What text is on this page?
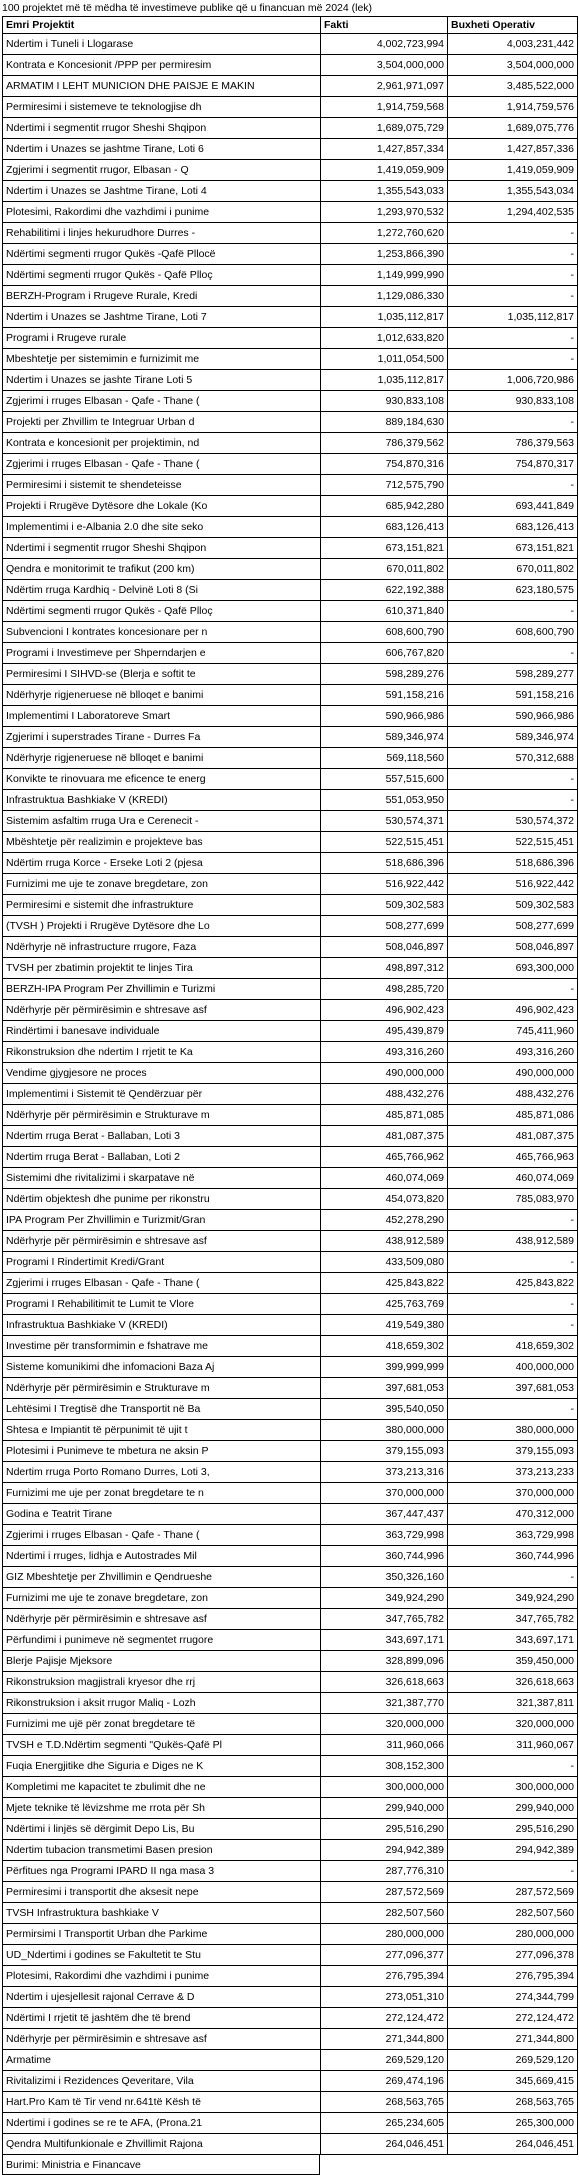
100 projektet më të mëdha të investimeve publike që u financuan më 2024 (lek)
Emri Projektit	Fakti	Buxheti Operativ
Ndertim i Tuneli i Llogarase	4,002,723,994	4,003,231,442
Kontrata e Koncesionit /PPP per permiresim	3,504,000,000	3,504,000,000
ARMATIM I LEHT MUNICION DHE PAISJE E MAKIN	2,961,971,097	3,485,522,000
Permiresimi i sistemeve te teknologjise dh	1,914,759,568	1,914,759,576
Ndertimi i segmentit rrugor Sheshi Shqipon	1,689,075,729	1,689,075,776
Ndertim i Unazes se jashtme Tirane, Loti 6	1,427,857,334	1,427,857,336
Zgjerimi i segmentit rrugor, Elbasan - Q	1,419,059,909	1,419,059,909
Ndertim i Unazes se Jashtme Tirane, Loti 4	1,355,543,033	1,355,543,034
Plotesimi, Rakordimi dhe vazhdimi i punime	1,293,970,532	1,294,402,535
Rehabilitimi i linjes hekurudhore Durres -	1,272,760,620	-
Ndërtimi segmenti rrugor Qukës -Qafë Pllocë	1,253,866,390	-
Ndërtimi segmenti rrugor Qukës - Qafë Plloç	1,149,999,990	-
BERZH-Program i Rrugeve Rurale, Kredi	1,129,086,330	-
Ndertim i Unazes se Jashtme Tirane, Loti 7	1,035,112,817	1,035,112,817
Programi i Rrugeve rurale	1,012,633,820	-
Mbeshtetje per sistemimin e furnizimit me	1,011,054,500	-
Ndertim i Unazes se jashte Tirane Loti 5	1,035,112,817	1,006,720,986
Zgjerimi i rruges Elbasan - Qafe - Thane (	930,833,108	930,833,108
Projekti per Zhvillim te Integruar Urban d	889,184,630	-
Kontrata e koncesionit per projektimin, nd	786,379,562	786,379,563
Zgjerimi i rruges Elbasan - Qafe - Thane (	754,870,316	754,870,317
Permiresimi i sistemit te shendeteisse	712,575,790	-
Projekti i Rrugëve Dytësore dhe Lokale (Ko	685,942,280	693,441,849
Implementimi i e-Albania 2.0 dhe site sekо	683,126,413	683,126,413
Ndertimi i segmentit rrugor Sheshi Shqipon	673,151,821	673,151,821
Qendra e monitorimit te trafikut (200 km)	670,011,802	670,011,802
Ndërtim rruga Kardhiq - Delvinë Loti 8 (Si	622,192,388	623,180,575
Ndërtimi segmenti rrugor Qukës - Qafë Plloç	610,371,840	-
Subvencioni I kontrates koncesionare per n	608,600,790	608,600,790
Programi i Investimeve per Shperndarjen e	606,767,820	-
Permiresimi I SIHVD-se (Blerja e softit te	598,289,276	598,289,277
Ndërhyrje rigjeneruese në blloqet e banimi	591,158,216	591,158,216
Implementimi I Laboratoreve Smart	590,966,986	590,966,986
Zgjerimi i superstrades Tirane - Durres Fa	589,346,974	589,346,974
Ndërhyrje rigjeneruese në blloqet e banimi	569,118,560	570,312,688
Konvikte te rinovuara me eficence te energ	557,515,600	-
Infrastruktua Bashkiake V (KREDI)	551,053,950	-
Sistemim asfaltim rruga Ura e Cerenecit -	530,574,371	530,574,372
Mbështetje për realizimin e projekteve bas	522,515,451	522,515,451
Ndërtim rruga Korce - Erseke Loti 2 (pjesa	518,686,396	518,686,396
Furnizimi me uje te zonave bregdetare, zon	516,922,442	516,922,442
Permiresimi e sistemit dhe infrastrukture	509,302,583	509,302,583
(TVSH ) Projekti i Rrugëve Dytësore dhe Lo	508,277,699	508,277,699
Ndërhyrje në infrastructure rrugore, Faza	508,046,897	508,046,897
TVSH per zbatimin projektit te linjes Tira	498,897,312	693,300,000
BERZH-IPA Program Per Zhvillimin e Turizmi	498,285,720	-
Ndërhyrje për përmirësimin e shtresave asf	496,902,423	496,902,423
Rindërtimi i banesave individuale	495,439,879	745,411,960
Rikonstruksion dhe ndertim I rrjetit te Ka	493,316,260	493,316,260
Vendime gjygjesore ne proces	490,000,000	490,000,000
Implementimi i Sistemit të Qendërzuar për	488,432,276	488,432,276
Ndërhyrje për përmirësimin e Strukturave m	485,871,085	485,871,086
Ndertim rruga Berat - Ballaban, Loti 3	481,087,375	481,087,375
Ndertim rruga Berat - Ballaban, Loti 2	465,766,962	465,766,963
Sistemimi dhe rivitalizimi i skarpatave në	460,074,069	460,074,069
Ndërtim objektesh dhe punime per rikonstru	454,073,820	785,083,970
IPA Program Per Zhvillimin e Turizmit/Gran	452,278,290	-
Ndërhyrje për përmirësimin e shtresave asf	438,912,589	438,912,589
Programi I Rindertimit Kredi/Grant	433,509,080	-
Zgjerimi i rruges Elbasan - Qafe - Thane (	425,843,822	425,843,822
Programi I Rehabilitimit te Lumit te Vlore	425,763,769	-
Infrastruktua Bashkiake V (KREDI)	419,549,380	-
Investime për transformimin e fshatrave me	418,659,302	418,659,302
Sisteme komunikimi dhe infomacioni Baza Aj	399,999,999	400,000,000
Ndërhyrje për përmirësimin e Strukturave m	397,681,053	397,681,053
Lehtësimi I Tregtisë dhe Transportit në Ba	395,540,050	-
Shtesa e Impiantit të përpunimit të ujit t	380,000,000	380,000,000
Plotesimi i Punimeve te mbetura ne aksin P	379,155,093	379,155,093
Ndertim rruga Porto Romano Durres, Loti 3,	373,213,316	373,213,233
Furnizimi me uje per zonat bregdetare te n	370,000,000	370,000,000
Godina e Teatrit Tirane	367,447,437	470,312,000
Zgjerimi i rruges Elbasan - Qafe - Thane (	363,729,998	363,729,998
Ndertimi i rruges, lidhja e Autostrades Mil	360,744,996	360,744,996
GIZ Mbeshtetje per Zhvillimin e Qendrueshe	350,326,160	-
Furnizimi me uje te zonave bregdetare, zon	349,924,290	349,924,290
Ndërhyrje për përmirësimin e shtresave asf	347,765,782	347,765,782
Përfundimi i punimeve në segmentet rrugore	343,697,171	343,697,171
Blerje Pajisje Mjeksore	328,899,096	359,450,000
Rikonstruksion magjistrali kryesor dhe rrj	326,618,663	326,618,663
Rikonstruksion i aksit rrugor Maliq - Lozh	321,387,770	321,387,811
Furnizimi me ujë për zonat bregdetare të	320,000,000	320,000,000
TVSH e T.D.Ndërtim segmenti "Qukës-Qafë Pl	311,960,066	311,960,067
Fuqia Energjitike dhe Siguria e Diges ne K	308,152,300	-
Kompletimi me kapacitet te zbulimit dhe ne	300,000,000	300,000,000
Mjete teknike të lëvizshme me rrota për Sh	299,940,000	299,940,000
Ndërtimi i linjës së dërgimit Depo Lis, Bu	295,516,290	295,516,290
Ndertim tubacion transmetimi Basen presion	294,942,389	294,942,389
Përfitues nga Programi IPARD II nga masa 3	287,776,310	-
Permiresimi i transportit dhe aksesit nepe	287,572,569	287,572,569
TVSH Infrastruktura bashkiake V	282,507,560	282,507,560
Permirsimi I Transportit Urban dhe Parkime	280,000,000	280,000,000
UD_Ndertimi i godines se Fakultetit te Stu	277,096,377	277,096,378
Plotesimi, Rakordimi dhe vazhdimi i punime	276,795,394	276,795,394
Ndertim i ujesjellesit rajonal Cerrave & D	273,051,310	274,344,799
Ndërtimi I rrjetit të jashtëm dhe të brend	272,124,472	272,124,472
Ndërhyrje per përmirësimin e shtresave asf	271,344,800	271,344,800
Armatime	269,529,120	269,529,120
Rivitalizimi i Rezidences Qeveritare, Vila	269,474,196	345,669,415
Hart.Pro Kam të Tir vend nr.641të Kësh të	268,563,765	268,563,765
Ndertimi i godines se re te AFA, (Prona.21	265,234,605	265,300,000
Qendra Multifunkionale e Zhvillimit Rajona	264,046,451	264,046,451
Burimi: Ministria e Financave
